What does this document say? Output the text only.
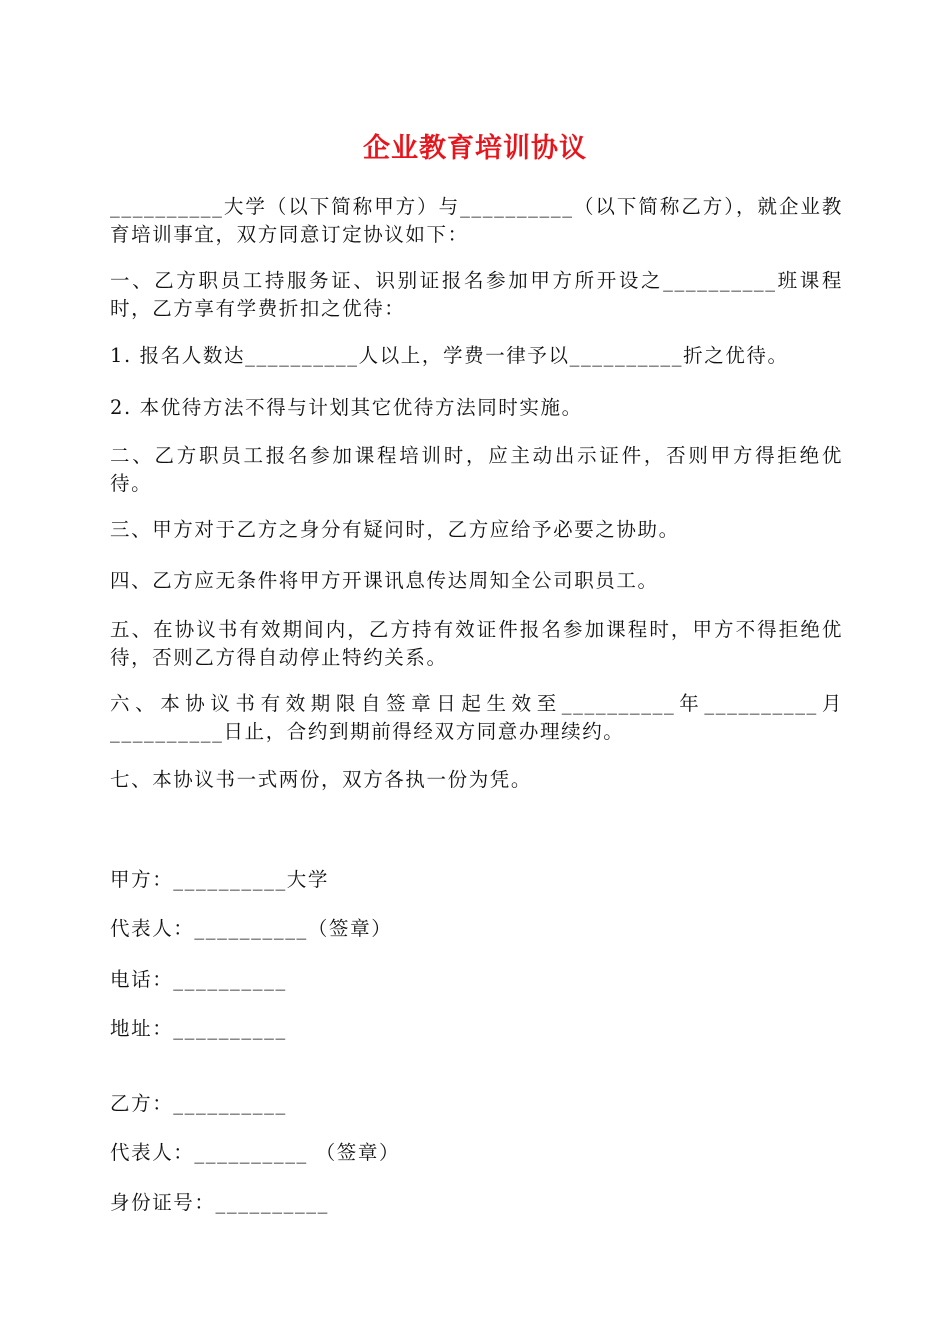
企业教育培训协议

__________大学（以下简称甲方）与__________（以下简称乙方），就企业教育培训事宜，双方同意订定协议如下：

一、乙方职员工持服务证、识别证报名参加甲方所开设之__________班课程时，乙方享有学费折扣之优待：

1. 报名人数达__________人以上，学费一律予以__________折之优待。

2. 本优待方法不得与计划其它优待方法同时实施。

二、乙方职员工报名参加课程培训时，应主动出示证件，否则甲方得拒绝优待。

三、甲方对于乙方之身分有疑问时，乙方应给予必要之协助。

四、乙方应无条件将甲方开课讯息传达周知全公司职员工。

五、在协议书有效期间内，乙方持有效证件报名参加课程时，甲方不得拒绝优待，否则乙方得自动停止特约关系。

六、本协议书有效期限自签章日起生效至__________年__________月__________日止，合约到期前得经双方同意办理续约。

七、本协议书一式两份，双方各执一份为凭。

甲方：__________大学

代表人：__________（签章）

电话：__________

地址：__________

乙方：__________

代表人：__________ （签章）

身份证号：__________
